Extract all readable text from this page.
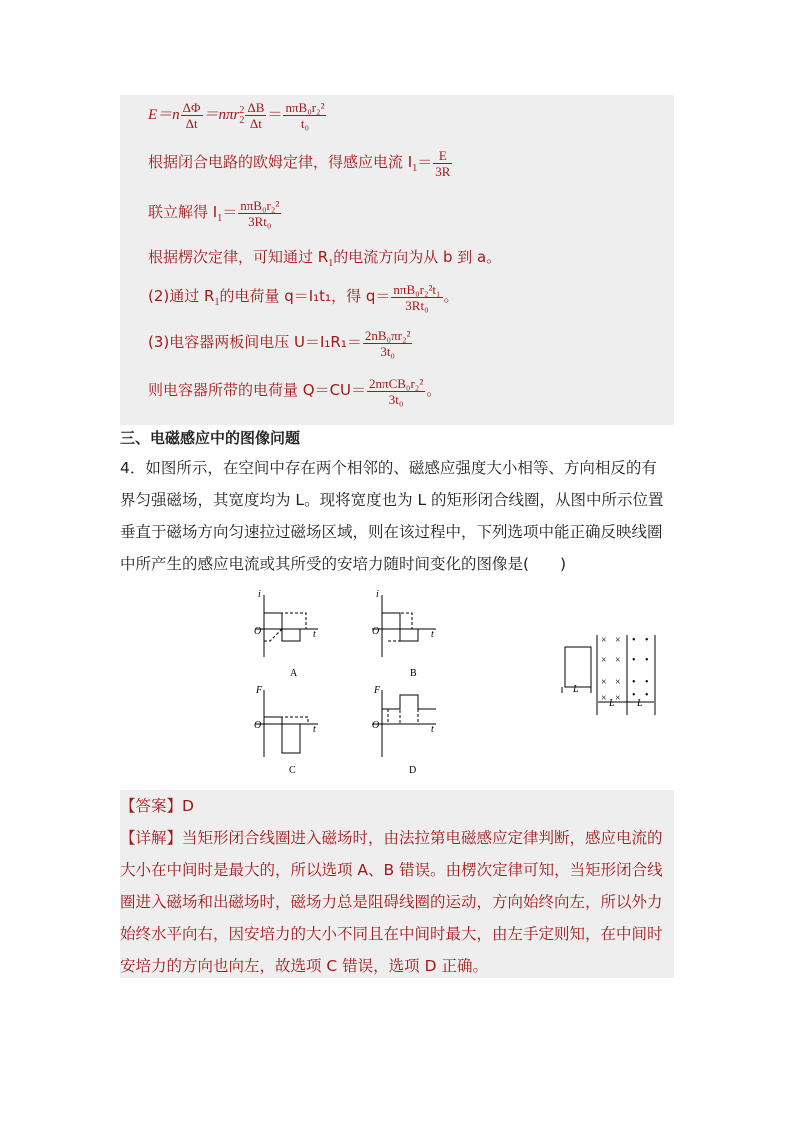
$E=n \frac{\Delta\Phi}{\Delta t} =n\pi r_2^2 \frac{\Delta B}{\Delta t} = \frac{\text{nπB₀r₂²}}{\text{t₀}}$
根据闭合电路的欧姆定律，得感应电流 $I_1= \frac{E}{3R}$
联立解得 $I_1= \frac{\text{nπB₀r₂²}}{\text{3Rt₀}}$
根据楞次定律，可知通过 $R_1$的电流方向为从 b 到 a。
(2)通过 $R_1$的电荷量 q＝I₁t₁，得 $q= \frac{\text{nπB₀r₂²t₁}}{\text{3Rt₀}}$ 。
(3)电容器两板间电压 $U=I_1R_1= \frac{\text{2nB₀πr₂²}}{\text{3t₀}}$
则电容器所带的电荷量 $Q=CU= \frac{\text{2nπCB₀r₂²}}{\text{3t₀}}$ 。
三、电磁感应中的图像问题
4．如图所示，在空间中存在两个相邻的、磁感应强度大小相等、方向相反的有
界匀强磁场，其宽度均为 L。现将宽度也为 L 的矩形闭合线圈，从图中所示位置
垂直于磁场方向匀速拉过磁场区域，则在该过程中，下列选项中能正确反映线圈
中所产生的感应电流或其所受的安培力随时间变化的图像是(　　)
i
O	t
A
i
O	t
B
F
O	t
C
F
O	t
D
L
L L
× ×
× ×
× ×
× ×
• •
• •
• •
• •
【答案】D
【详解】当矩形闭合线圈进入磁场时，由法拉第电磁感应定律判断，感应电流的
大小在中间时是最大的，所以选项 A、B 错误。由楞次定律可知，当矩形闭合线
圈进入磁场和出磁场时，磁场力总是阻碍线圈的运动，方向始终向左，所以外力
始终水平向右，因安培力的大小不同且在中间时最大，由左手定则知，在中间时
安培力的方向也向左，故选项 C 错误，选项 D 正确。
